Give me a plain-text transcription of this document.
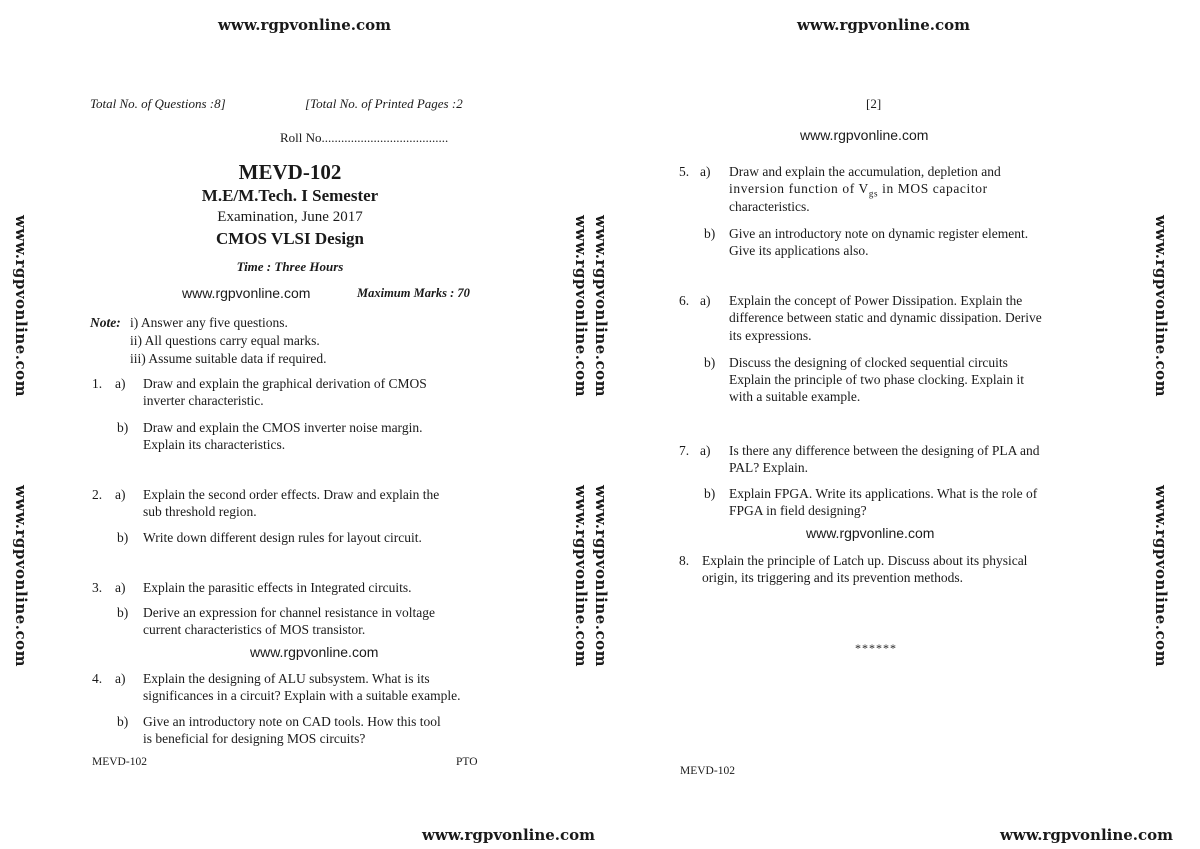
www.rgpvonline.com	www.rgpvonline.com
www.rgpvonline.com	www.rgpvonline.com
www.rgpvonline.com
www.rgpvonline.com
www.rgpvonline.com www.rgpvonline.com
www.rgpvonline.com www.rgpvonline.com
www.rgpvonline.com
www.rgpvonline.com
Total No. of Questions :8]	[Total No. of Printed Pages :2
Roll No.......................................
MEVD-102
M.E/M.Tech. I Semester
Examination, June 2017
CMOS VLSI Design
Time : Three Hours
www.rgpvonline.com	Maximum Marks : 70
Note: i) Answer any five questions.
ii) All questions carry equal marks.
iii) Assume suitable data if required.
1. a) Draw and explain the graphical derivation of CMOS
inverter characteristic.
b) Draw and explain the CMOS inverter noise margin.
Explain its characteristics.
2. a) Explain the second order effects. Draw and explain the
sub threshold region.
b) Write down different design rules for layout circuit.
3. a) Explain the parasitic effects in Integrated circuits.
b) Derive an expression for channel resistance in voltage
current characteristics of MOS transistor.
www.rgpvonline.com
4. a) Explain the designing of ALU subsystem. What is its
significances in a circuit? Explain with a suitable example.
b) Give an introductory note on CAD tools. How this tool
is beneficial for designing MOS circuits?
MEVD-102	PTO
[2]
www.rgpvonline.com
5. a) Draw and explain the accumulation, depletion and
inversion function of $V_{gs}$ in MOS capacitor
characteristics.
b) Give an introductory note on dynamic register element.
Give its applications also.
6. a) Explain the concept of Power Dissipation. Explain the
difference between static and dynamic dissipation. Derive
its expressions.
b) Discuss the designing of clocked sequential circuits
Explain the principle of two phase clocking. Explain it
with a suitable example.
7. a) Is there any difference between the designing of PLA and
PAL? Explain.
b) Explain FPGA. Write its applications. What is the role of
FPGA in field designing?
www.rgpvonline.com
8. Explain the principle of Latch up. Discuss about its physical
origin, its triggering and its prevention methods.
******
MEVD-102
